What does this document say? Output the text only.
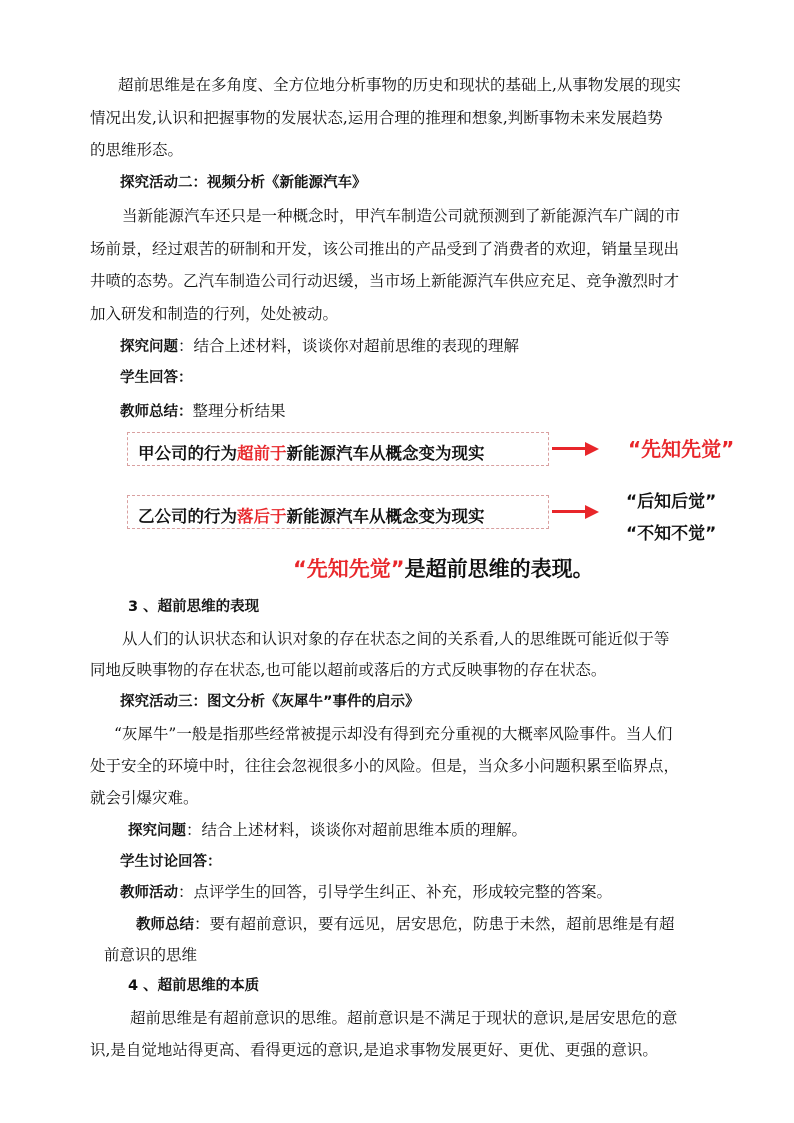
超前思维是在多角度、全方位地分析事物的历史和现状的基础上,从事物发展的现实
情况出发,认识和把握事物的发展状态,运用合理的推理和想象,判断事物未来发展趋势
的思维形态。
探究活动二：视频分析《新能源汽车》
当新能源汽车还只是一种概念时，甲汽车制造公司就预测到了新能源汽车广阔的市
场前景，经过艰苦的研制和开发，该公司推出的产品受到了消费者的欢迎，销量呈现出
井喷的态势。乙汽车制造公司行动迟缓，当市场上新能源汽车供应充足、竞争激烈时才
加入研发和制造的行列，处处被动。
探究问题：结合上述材料，谈谈你对超前思维的表现的理解
学生回答：
教师总结：整理分析结果
甲公司的行为超前于新能源汽车从概念变为现实	“先知先觉”
乙公司的行为落后于新能源汽车从概念变为现实
“后知后觉”
“不知不觉”
“先知先觉”是超前思维的表现。
3 、超前思维的表现
从人们的认识状态和认识对象的存在状态之间的关系看,人的思维既可能近似于等
同地反映事物的存在状态,也可能以超前或落后的方式反映事物的存在状态。
探究活动三：图文分析《灰犀牛”事件的启示》
“灰犀牛”一般是指那些经常被提示却没有得到充分重视的大概率风险事件。当人们
处于安全的环境中时，往往会忽视很多小的风险。但是，当众多小问题积累至临界点，
就会引爆灾难。
探究问题：结合上述材料，谈谈你对超前思维本质的理解。
学生讨论回答：
教师活动：点评学生的回答，引导学生纠正、补充，形成较完整的答案。
教师总结：要有超前意识，要有远见，居安思危，防患于未然，超前思维是有超
前意识的思维
4 、超前思维的本质
超前思维是有超前意识的思维。超前意识是不满足于现状的意识,是居安思危的意
识,是自觉地站得更高、看得更远的意识,是追求事物发展更好、更优、更强的意识。
